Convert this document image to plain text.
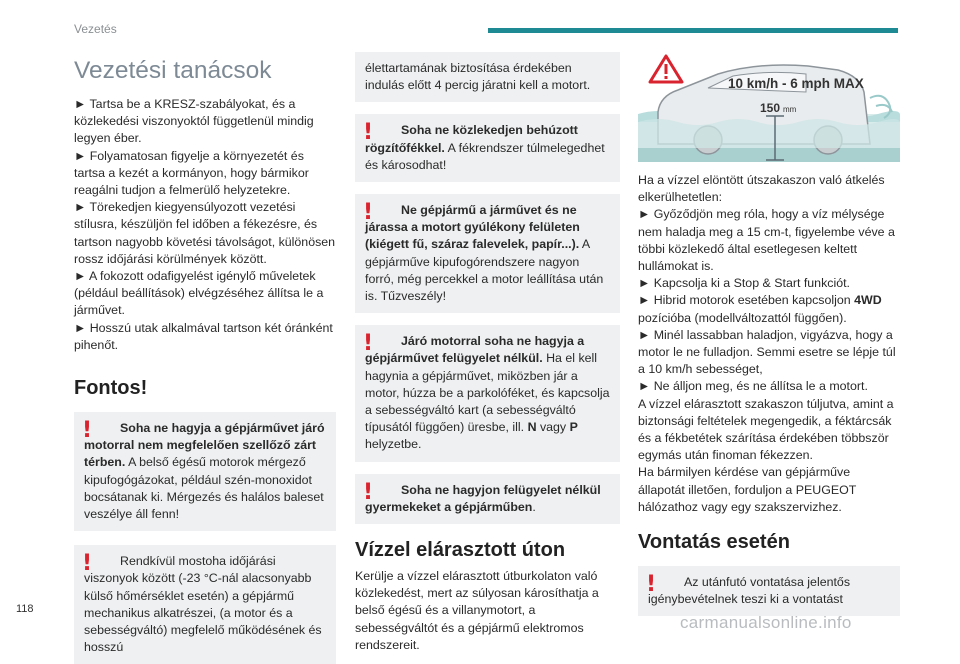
Vezetés
Vezetési tanácsok

► Tartsa be a KRESZ-szabályokat, és a közlekedési viszonyoktól függetlenül mindig legyen éber.

► Folyamatosan figyelje a környezetét és tartsa a kezét a kormányon, hogy bármikor reagálni tudjon a felmerülő helyzetekre.

► Törekedjen kiegyensúlyozott vezetési stílusra, készüljön fel időben a fékezésre, és tartson nagyobb követési távolságot, különösen rossz időjárási körülmények között.

► A fokozott odafigyelést igénylő műveletek (például beállítások) elvégzéséhez állítsa le a járművet.

► Hosszú utak alkalmával tartson két óránként pihenőt.

Fontos!
!	Soha ne hagyja a gépjárművet járó motorral nem megfelelően szellőző zárt térben. A belső égésű motorok mérgező kipufogógázokat, például szén-monoxidot bocsátanak ki. Mérgezés és halálos baleset veszélye áll fenn!

!	Rendkívül mostoha időjárási viszonyok között (-23 °C-nál alacsonyabb külső hőmérséklet esetén) a gépjármű mechanikus alkatrészei, (a motor és a sebességváltó) megfelelő működésének és hosszú

élettartamának biztosítása érdekében indulás előtt 4 percig járatni kell a motort.

!	Soha ne közlekedjen behúzott rögzítőfékkel. A fékrendszer túlmelegedhet és károsodhat!

!	Ne gépjármű a járművet és ne járassa a motort gyúlékony felületen (kiégett fű, száraz falevelek, papír...). A gépjárműve kipufogórendszere nagyon forró, még percekkel a motor leállítása után is. Tűzveszély!

!	Járó motorral soha ne hagyja a gépjárművet felügyelet nélkül. Ha el kell hagynia a gépjárművet, miközben jár a motor, húzza be a parkolóféket, és kapcsolja a sebességváltó kart (a sebességváltó típusától függően) üresbe, ill. N vagy P helyzetbe.

!	Soha ne hagyjon felügyelet nélkül gyermekeket a gépjárműben.

Vízzel elárasztott úton

Kerülje a vízzel elárasztott útburkolaton való közlekedést, mert az súlyosan károsíthatja a belső égésű és a villanymotort, a sebességváltót és a gépjármű elektromos rendszereit.

10 km/h - 6 mph MAX
150 mm

Ha a vízzel elöntött útszakaszon való átkelés elkerülhetetlen:

► Győződjön meg róla, hogy a víz mélysége nem haladja meg a 15 cm-t, figyelembe véve a többi közlekedő által esetlegesen keltett hullámokat is.

► Kapcsolja ki a Stop & Start funkciót.

► Hibrid motorok esetében kapcsoljon 4WD pozícióba (modellváltozattól függően).

► Minél lassabban haladjon, vigyázva, hogy a motor le ne fulladjon. Semmi esetre se lépje túl a 10 km/h sebességet,

► Ne álljon meg, és ne állítsa le a motort.

A vízzel elárasztott szakaszon túljutva, amint a biztonsági feltételek megengedik, a féktárcsák és a fékbetétek szárítása érdekében többször egymás után finoman fékezzen.

Ha bármilyen kérdése van gépjárműve állapotát illetően, forduljon a PEUGEOT hálózathoz vagy egy szakszervizhez.

Vontatás esetén
!	Az utánfutó vontatása jelentős igénybevételnek teszi ki a vontatást

118
carmanualsonline.info
